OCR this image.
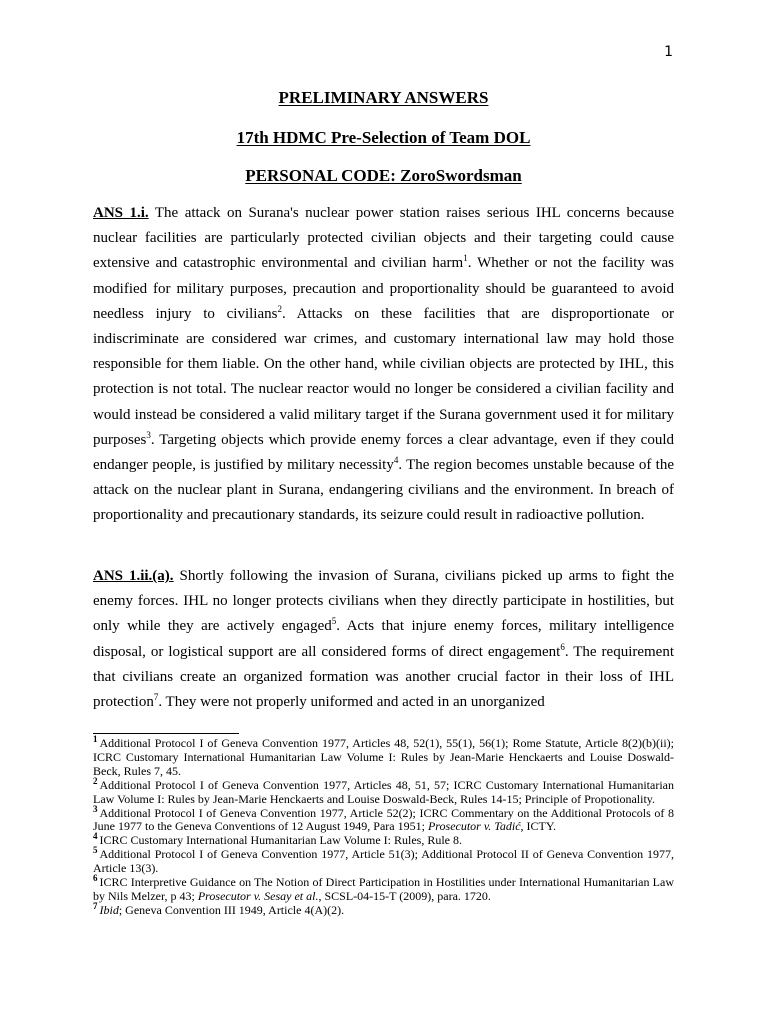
1
PRELIMINARY ANSWERS
17th HDMC Pre-Selection of Team DOL
PERSONAL CODE: ZoroSwordsman

ANS 1.i. The attack on Surana's nuclear power station raises serious IHL concerns because nuclear facilities are particularly protected civilian objects and their targeting could cause extensive and catastrophic environmental and civilian harm$^1$. Whether or not the facility was modified for military purposes, precaution and proportionality should be guaranteed to avoid needless injury to civilians$^2$. Attacks on these facilities that are disproportionate or indiscriminate are considered war crimes, and customary international law may hold those responsible for them liable. On the other hand, while civilian objects are protected by IHL, this protection is not total. The nuclear reactor would no longer be considered a civilian facility and would instead be considered a valid military target if the Surana government used it for military purposes$^3$. Targeting objects which provide enemy forces a clear advantage, even if they could endanger people, is justified by military necessity$^4$. The region becomes unstable because of the attack on the nuclear plant in Surana, endangering civilians and the environment. In breach of proportionality and precautionary standards, its seizure could result in radioactive pollution.

ANS 1.ii.(a). Shortly following the invasion of Surana, civilians picked up arms to fight the enemy forces. IHL no longer protects civilians when they directly participate in hostilities, but only while they are actively engaged$^5$. Acts that injure enemy forces, military intelligence disposal, or logistical support are all considered forms of direct engagement$^6$. The requirement that civilians create an organized formation was another crucial factor in their loss of IHL protection$^7$. They were not properly uniformed and acted in an unorganized

$^1$ Additional Protocol I of Geneva Convention 1977, Articles 48, 52(1), 55(1), 56(1); Rome Statute, Article 8(2)(b)(ii); ICRC Customary International Humanitarian Law Volume I: Rules by Jean-Marie Henckaerts and Louise Doswald-Beck, Rules 7, 45.

$^2$ Additional Protocol I of Geneva Convention 1977, Articles 48, 51, 57; ICRC Customary International Humanitarian Law Volume I: Rules by Jean-Marie Henckaerts and Louise Doswald-Beck, Rules 14-15; Principle of Propotionality.

$^3$ Additional Protocol I of Geneva Convention 1977, Article 52(2); ICRC Commentary on the Additional Protocols of 8 June 1977 to the Geneva Conventions of 12 August 1949, Para 1951; Prosecutor v. Tadić, ICTY.

$^4$ ICRC Customary International Humanitarian Law Volume I: Rules, Rule 8.

$^5$ Additional Protocol I of Geneva Convention 1977, Article 51(3); Additional Protocol II of Geneva Convention 1977, Article 13(3).

$^6$ ICRC Interpretive Guidance on The Notion of Direct Participation in Hostilities under International Humanitarian Law by Nils Melzer, p 43; Prosecutor v. Sesay et al., SCSL-04-15-T (2009), para. 1720.

$^7$ Ibid; Geneva Convention III 1949, Article 4(A)(2).
